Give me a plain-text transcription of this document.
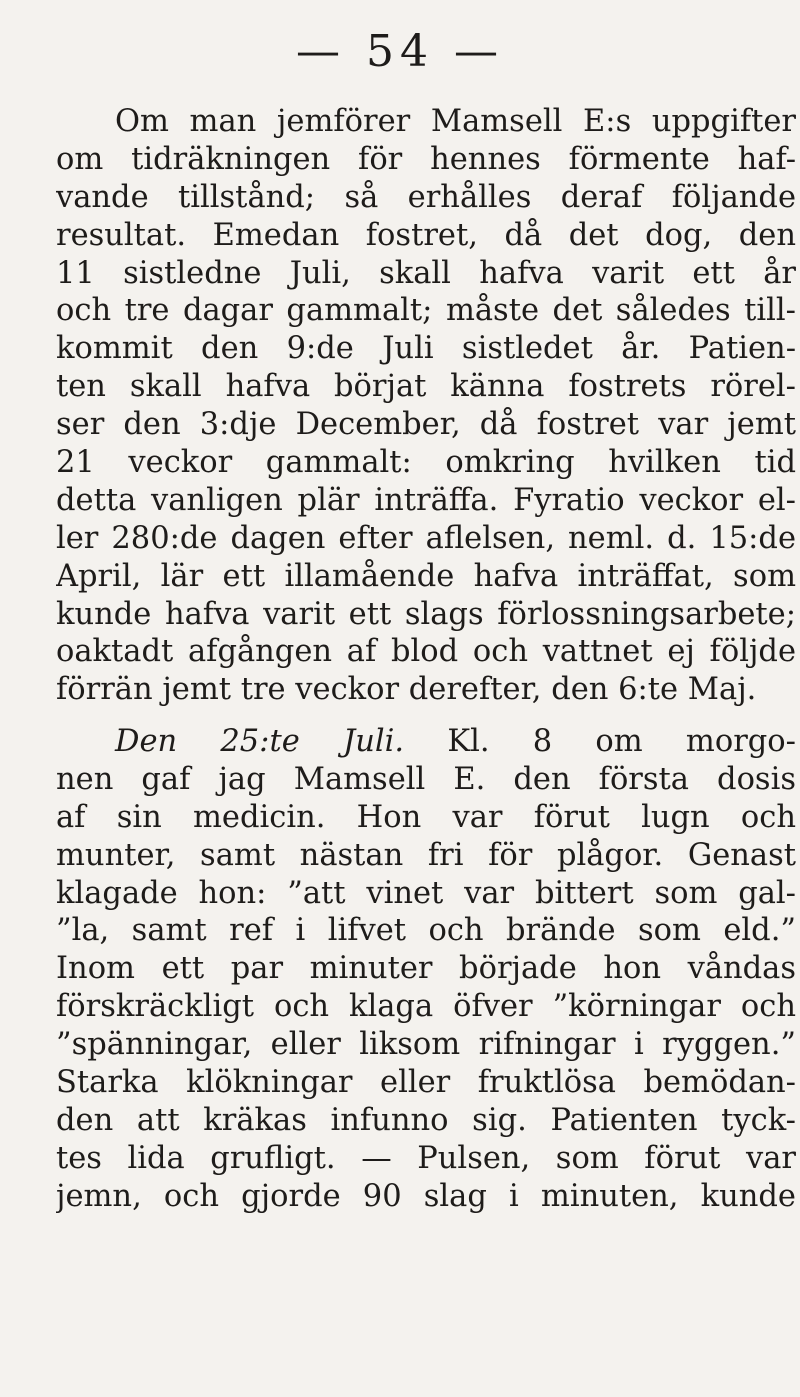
— 54 —
Om man jemförer Mamsell E:s uppgifter
om tidräkningen för hennes förmente haf-
vande tillstånd; så erhålles deraf följande
resultat. Emedan fostret, då det dog, den
11 sistledne Juli, skall hafva varit ett år
och tre dagar gammalt; måste det således till-
kommit den 9:de Juli sistledet år. Patien-
ten skall hafva börjat känna fostrets rörel-
ser den 3:dje December, då fostret var jemt
21 veckor gammalt: omkring hvilken tid
detta vanligen plär inträffa. Fyratio veckor el-
ler 280:de dagen efter aflelsen, neml. d. 15:de
April, lär ett illamående hafva inträffat, som
kunde hafva varit ett slags förlossningsarbete;
oaktadt afgången af blod och vattnet ej följde
förrän jemt tre veckor derefter, den 6:te Maj.
Den 25:te Juli. Kl. 8 om morgo-
nen gaf jag Mamsell E. den första dosis
af sin medicin. Hon var förut lugn och
munter, samt nästan fri för plågor. Genast
klagade hon: ”att vinet var bittert som gal-
”la, samt ref i lifvet och brände som eld.”
Inom ett par minuter började hon våndas
förskräckligt och klaga öfver ”körningar och
”spänningar, eller liksom rifningar i ryggen.”
Starka klökningar eller fruktlösa bemödan-
den att kräkas infunno sig. Patienten tyck-
tes lida grufligt. — Pulsen, som förut var
jemn, och gjorde 90 slag i minuten, kunde
